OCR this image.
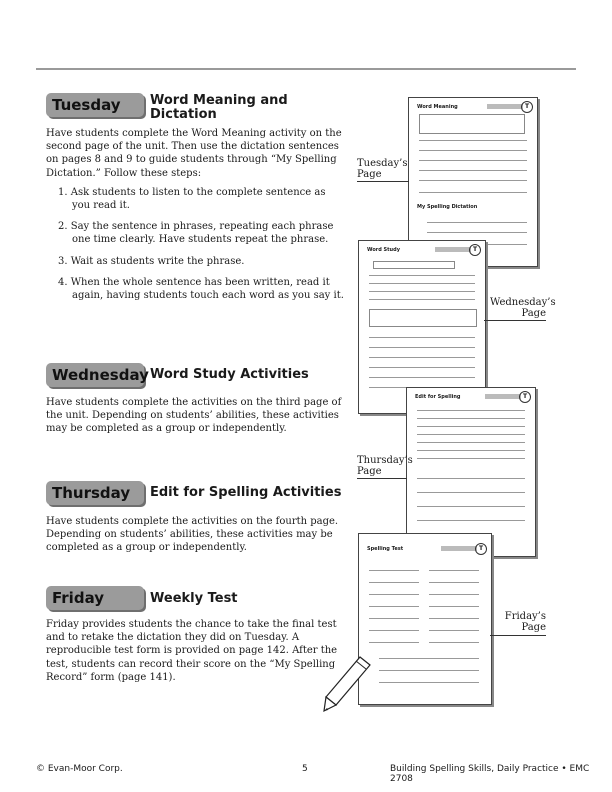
Tuesday Word Meaning and
Dictation
Have students complete the Word Meaning activity on the second page of the unit. Then use the dictation sentences on pages 8 and 9 to guide students through “My Spelling Dictation.” Follow these steps:
1. Ask students to listen to the complete sentence as you read it.
2. Say the sentence in phrases, repeating each phrase one time clearly. Have students repeat the phrase.
3. Wait as students write the phrase.
4. When the whole sentence has been written, read it again, having students touch each word as you say it.
Wednesday Word Study Activities
Have students complete the activities on the third page of the unit. Depending on students’ abilities, these activities may be completed as a group or independently.
Thursday Edit for Spelling Activities
Have students complete the activities on the fourth page. Depending on students’ abilities, these activities may be completed as a group or independently.
Friday	Weekly Test
Friday provides students the chance to take the final test and to retake the dictation they did on Tuesday. A reproducible test form is provided on page 142. After the test, students can record their score on the “My Spelling Record” form (page 141).
Word Meaning	T
My Spelling Dictation
Word Study	T
Edit for Spelling	T
Spelling Test	T
Tuesday’s
Page
Wednesday’s
Page
Thursday’s
Page
Friday’s
Page
© Evan-Moor Corp.	5	Building Spelling Skills, Daily Practice • EMC 2708
